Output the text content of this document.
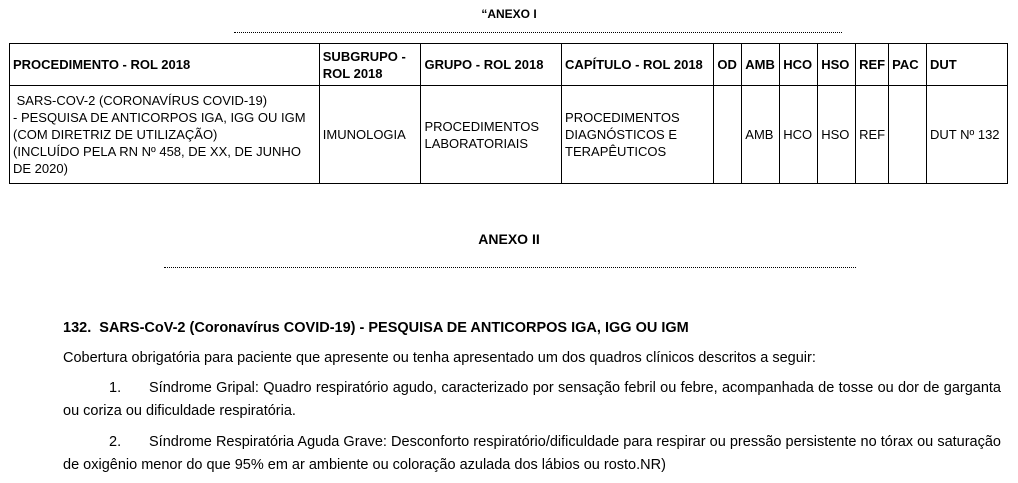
“ANEXO I
PROCEDIMENTO - ROL 2018	SUBGRUPO - ROL 2018	GRUPO - ROL 2018	CAPÍTULO - ROL 2018	OD	AMB	HCO	HSO	REF	PAC	DUT

SARS-COV-2 (CORONAVÍRUS COVID-19)
- PESQUISA DE ANTICORPOS IGA, IGG OU IGM
(COM DIRETRIZ DE UTILIZAÇÃO)
(INCLUÍDO PELA RN Nº 458, DE XX, DE JUNHO
DE 2020)	IMUNOLOGIA	PROCEDIMENTOS LABORATORIAIS	PROCEDIMENTOS DIAGNÓSTICOS E TERAPÊUTICOS		AMB	HCO	HSO	REF		DUT Nº 132
ANEXO II
132.  SARS-CoV-2 (Coronavírus COVID-19) - PESQUISA DE ANTICORPOS IGA, IGG OU IGM
Cobertura obrigatória para paciente que apresente ou tenha apresentado um dos quadros clínicos descritos a seguir:
1. Síndrome Gripal: Quadro respiratório agudo, caracterizado por sensação febril ou febre, acompanhada de tosse ou dor de garganta ou coriza ou dificuldade respiratória.
2. Síndrome Respiratória Aguda Grave: Desconforto respiratório/dificuldade para respirar ou pressão persistente no tórax ou saturação de oxigênio menor do que 95% em ar ambiente ou coloração azulada dos lábios ou rosto.NR)
